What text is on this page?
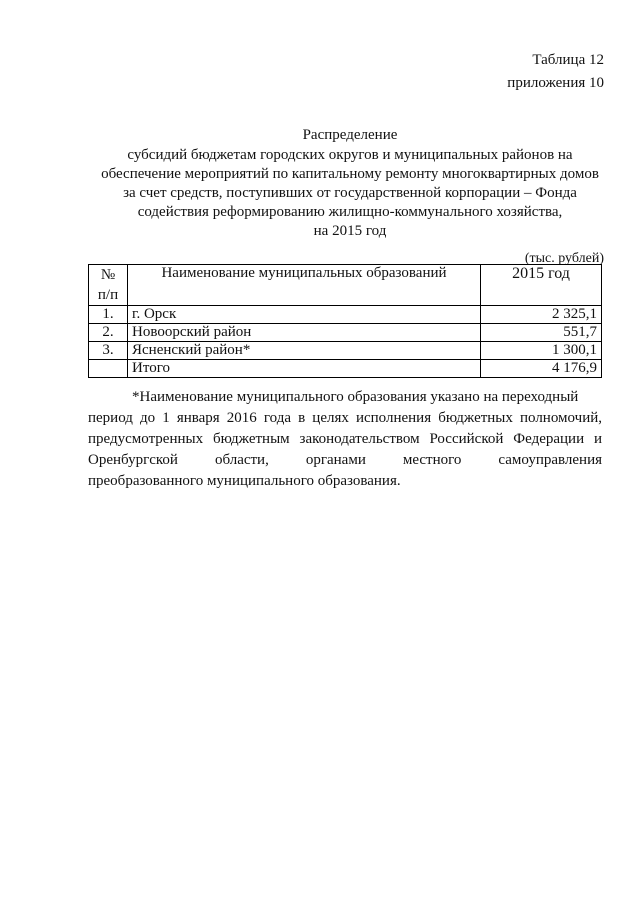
Таблица 12
приложения 10
Распределение
субсидий бюджетам городских округов и муниципальных районов на
обеспечение мероприятий по капитальному ремонту многоквартирных домов
за счет средств, поступивших от государственной корпорации – Фонда
содействия реформированию жилищно-коммунального хозяйства,
на 2015 год
(тыс. рублей)
№
п/п	Наименование муниципальных образований	2015 год
1.	г. Орск	2 325,1
2.	Новоорский район	551,7
3.	Ясненский район*	1 300,1
	Итого	4 176,9
*Наименование муниципального образования указано на переходный
период до 1 января 2016 года в целях исполнения бюджетных полномочий,
предусмотренных бюджетным законодательством Российской Федерации и
Оренбургской области, органами местного самоуправления
преобразованного муниципального образования.
